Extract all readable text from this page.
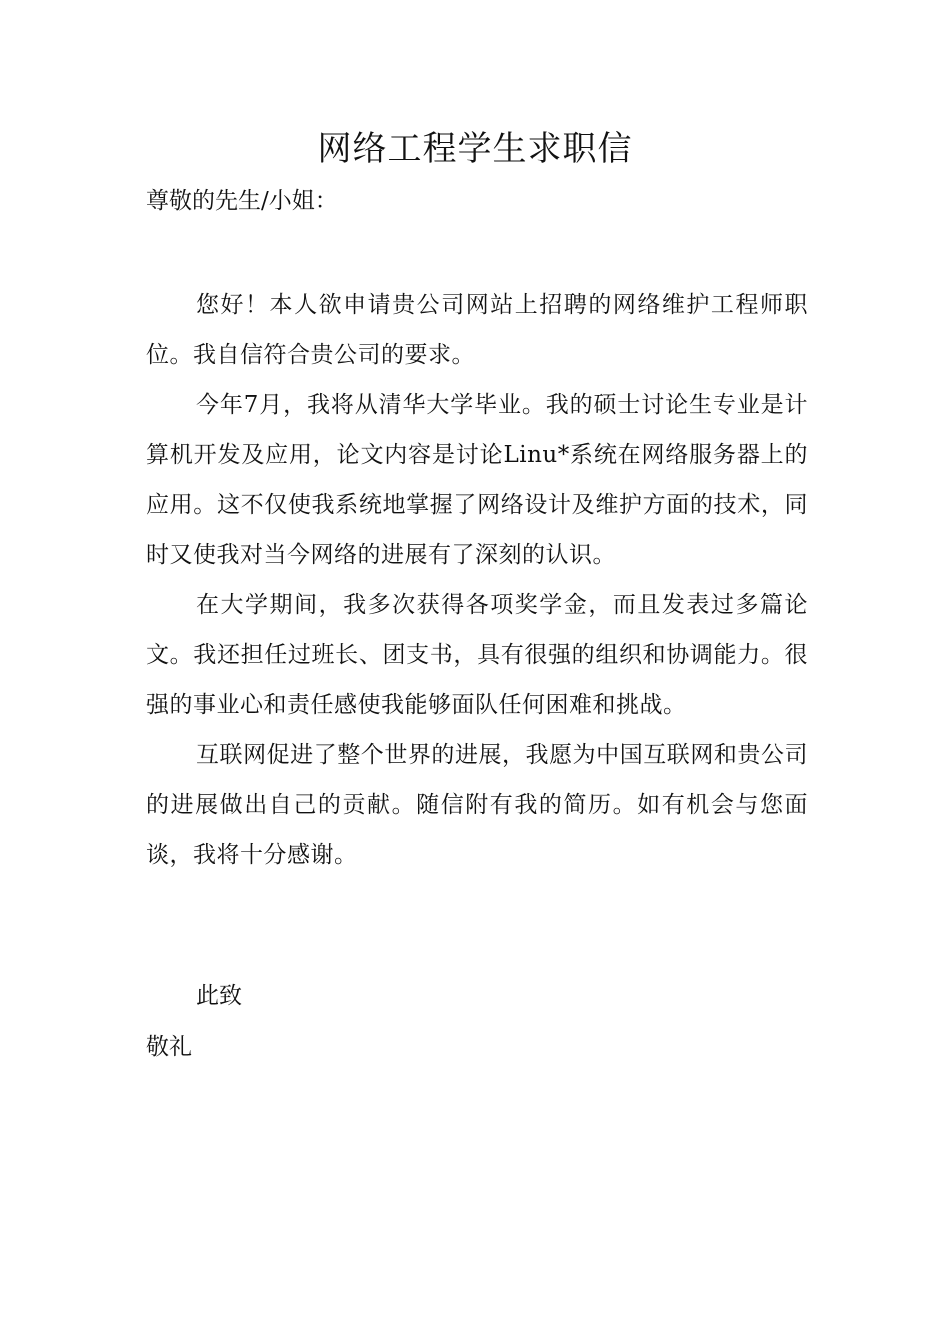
网络工程学生求职信
尊敬的先生/小姐：

您好！本人欲申请贵公司网站上招聘的网络维护工程师职位。我自信符合贵公司的要求。

今年7月，我将从清华大学毕业。我的硕士讨论生专业是计算机开发及应用，论文内容是讨论Linu*系统在网络服务器上的应用。这不仅使我系统地掌握了网络设计及维护方面的技术，同时又使我对当今网络的进展有了深刻的认识。

在大学期间，我多次获得各项奖学金，而且发表过多篇论文。我还担任过班长、团支书，具有很强的组织和协调能力。很强的事业心和责任感使我能够面队任何困难和挑战。

互联网促进了整个世界的进展，我愿为中国互联网和贵公司的进展做出自己的贡献。随信附有我的简历。如有机会与您面谈，我将十分感谢。

此致
敬礼
